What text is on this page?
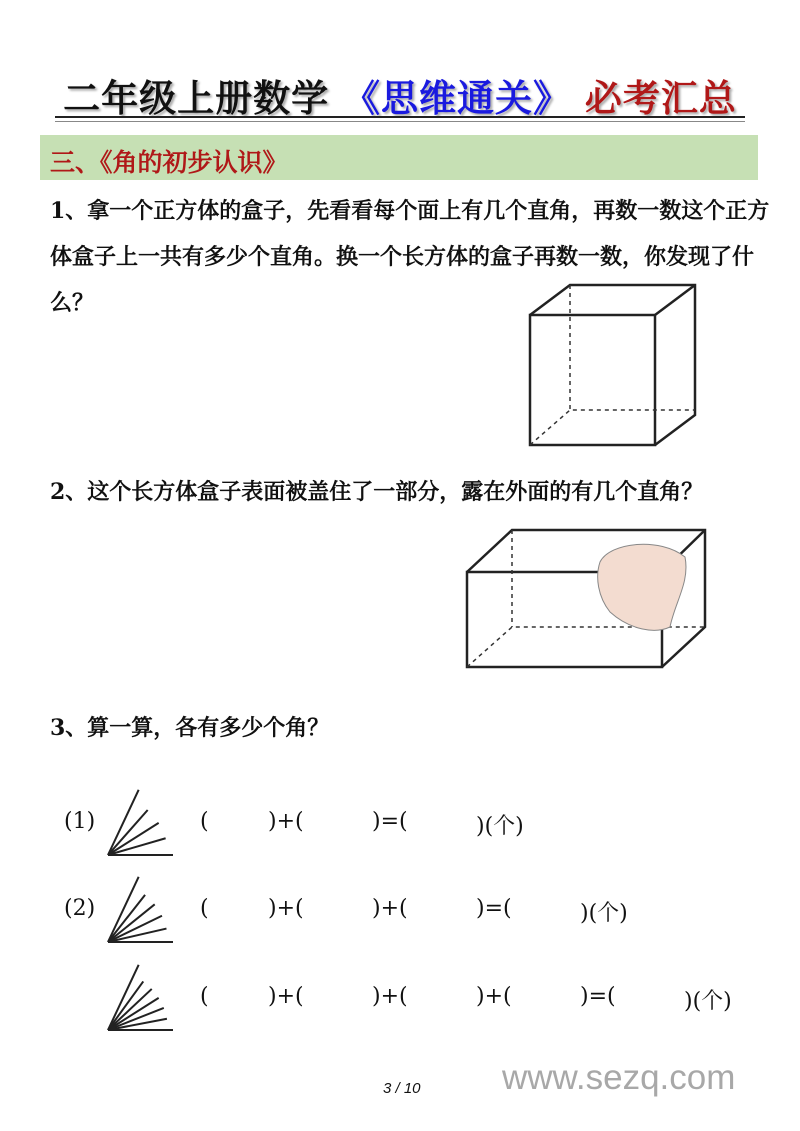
二年级上册数学 《思维通关》 必考汇总
三、《角的初步认识》
1、拿一个正方体的盒子，先看看每个面上有几个直角，再数一数这个正方体盒子上一共有多少个直角。换一个长方体的盒子再数一数，你发现了什么？
2、这个长方体盒子表面被盖住了一部分，露在外面的有几个直角？
3、算一算，各有多少个角？
(1)	(	)+(	)=(	)(个)
(2)	(	)+(	)+(	)=(	)(个)
(	)+(	)+(	)+(	)=(	)(个)
3 / 10 www.sezq.com
